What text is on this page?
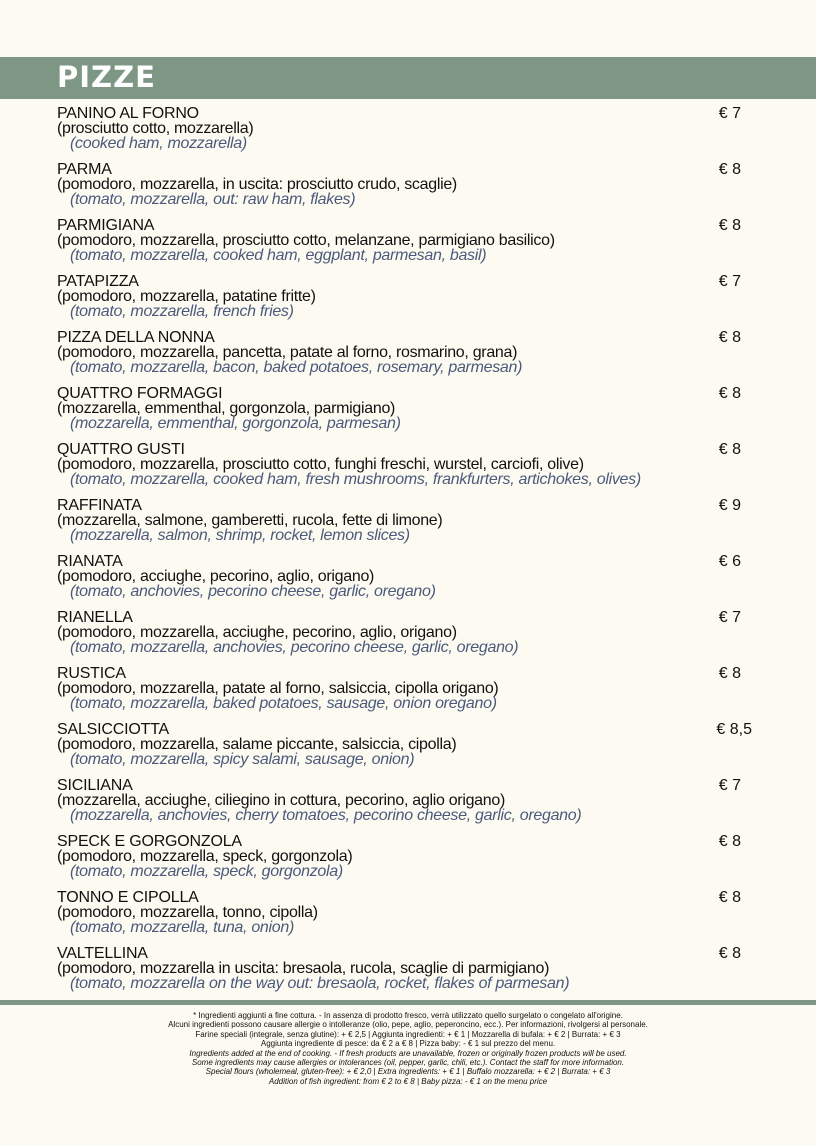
PIZZE
PANINO AL FORNO
(prosciutto cotto, mozzarella)
(cooked ham, mozzarella)
€ 7
PARMA
(pomodoro, mozzarella, in uscita: prosciutto crudo, scaglie)
(tomato, mozzarella, out: raw ham, flakes)
€ 8
PARMIGIANA
(pomodoro, mozzarella, prosciutto cotto, melanzane, parmigiano basilico)
(tomato, mozzarella, cooked ham, eggplant, parmesan, basil)
€ 8
PATAPIZZA
(pomodoro, mozzarella, patatine fritte)
(tomato, mozzarella, french fries)
€ 7
PIZZA DELLA NONNA
(pomodoro, mozzarella, pancetta, patate al forno, rosmarino, grana)
(tomato, mozzarella, bacon, baked potatoes, rosemary, parmesan)
€ 8
QUATTRO FORMAGGI
(mozzarella, emmenthal, gorgonzola, parmigiano)
(mozzarella, emmenthal, gorgonzola, parmesan)
€ 8
QUATTRO GUSTI
(pomodoro, mozzarella, prosciutto cotto, funghi freschi, wurstel, carciofi, olive)
(tomato, mozzarella, cooked ham, fresh mushrooms, frankfurters, artichokes, olives)
€ 8
RAFFINATA
(mozzarella, salmone, gamberetti, rucola, fette di limone)
(mozzarella, salmon, shrimp, rocket, lemon slices)
€ 9
RIANATA
(pomodoro, acciughe, pecorino, aglio, origano)
(tomato, anchovies, pecorino cheese, garlic, oregano)
€ 6
RIANELLA
(pomodoro, mozzarella, acciughe, pecorino, aglio, origano)
(tomato, mozzarella, anchovies, pecorino cheese, garlic, oregano)
€ 7
RUSTICA
(pomodoro, mozzarella, patate al forno, salsiccia, cipolla origano)
(tomato, mozzarella, baked potatoes, sausage, onion oregano)
€ 8
SALSICCIOTTA
(pomodoro, mozzarella, salame piccante, salsiccia, cipolla)
(tomato, mozzarella, spicy salami, sausage, onion)
€ 8,5
SICILIANA
(mozzarella, acciughe, ciliegino in cottura, pecorino, aglio origano)
(mozzarella, anchovies, cherry tomatoes, pecorino cheese, garlic, oregano)
€ 7
SPECK E GORGONZOLA
(pomodoro, mozzarella, speck, gorgonzola)
(tomato, mozzarella, speck, gorgonzola)
€ 8
TONNO E CIPOLLA
(pomodoro, mozzarella, tonno, cipolla)
(tomato, mozzarella, tuna, onion)
€ 8
VALTELLINA
(pomodoro, mozzarella in uscita: bresaola, rucola, scaglie di parmigiano)
(tomato, mozzarella on the way out: bresaola, rocket, flakes of parmesan)
€ 8
* Ingredienti aggiunti a fine cottura. - In assenza di prodotto fresco, verrà utilizzato quello surgelato o congelato all'origine.
Alcuni ingredienti possono causare allergie o intolleranze (olio, pepe, aglio, peperoncino, ecc.). Per informazioni, rivolgersi al personale.
Farine speciali (integrale, senza glutine): + € 2,5 | Aggiunta ingredienti: + € 1 | Mozzarella di bufala: + € 2 | Burrata: + € 3
Aggiunta ingrediente di pesce: da € 2 a € 8 | Pizza baby: - € 1 sul prezzo del menu.
Ingredients added at the end of cooking. - If fresh products are unavailable, frozen or originally frozen products will be used.
Some ingredients may cause allergies or intolerances (oil, pepper, garlic, chili, etc.). Contact the staff for more information.
Special flours (wholemeal, gluten-free): + € 2,0 | Extra ingredients: + € 1 | Buffalo mozzarella: + € 2 | Burrata: + € 3
Addition of fish ingredient: from € 2 to € 8 | Baby pizza: - € 1 on the menu price
